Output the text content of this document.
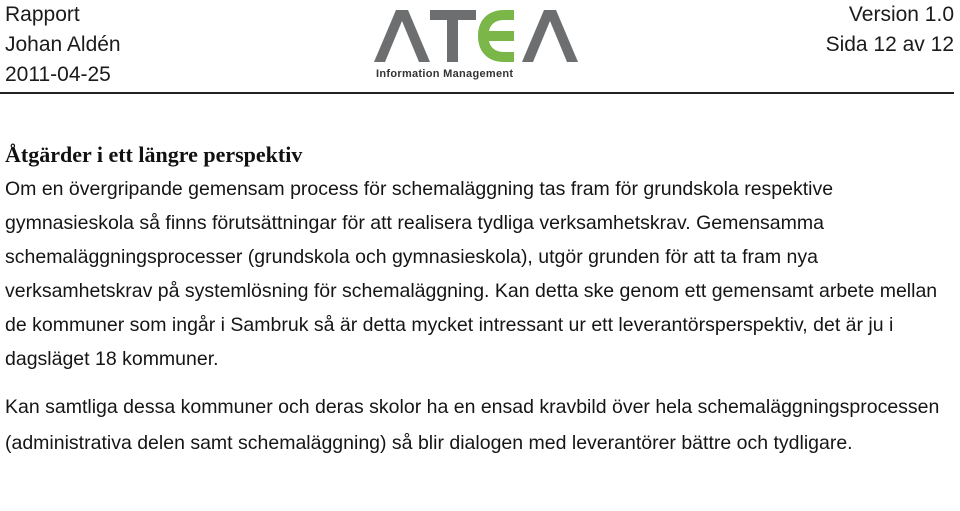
Rapport
Johan Aldén
2011-04-25	Information Management
Version 1.0
Sida 12 av 12
Åtgärder i ett längre perspektiv

Om en övergripande gemensam process för schemaläggning tas fram för grundskola respektive gymnasieskola så finns förutsättningar för att realisera tydliga verksamhetskrav. Gemensamma schemaläggningsprocesser (grundskola och gymnasieskola), utgör grunden för att ta fram nya verksamhetskrav på systemlösning för schemaläggning. Kan detta ske genom ett gemensamt arbete mellan de kommuner som ingår i Sambruk så är detta mycket intressant ur ett leverantörsperspektiv, det är ju i dagsläget 18 kommuner.

Kan samtliga dessa kommuner och deras skolor ha en ensad kravbild över hela schemaläggningsprocessen (administrativa delen samt schemaläggning) så blir dialogen med leverantörer bättre och tydligare.
